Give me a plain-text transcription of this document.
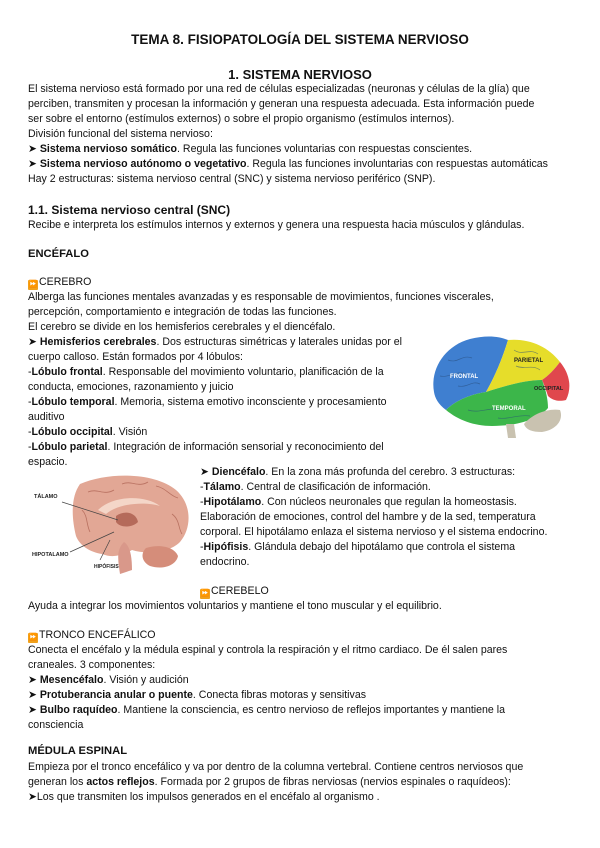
TEMA 8. FISIOPATOLOGÍA DEL SISTEMA NERVIOSO
1. SISTEMA NERVIOSO
El sistema nervioso está formado por una red de células especializadas (neuronas y células de la glía) que
perciben, transmiten y procesan la información y generan una respuesta adecuada. Esta información puede
ser sobre el entorno (estímulos externos) o sobre el propio organismo (estímulos internos).
División funcional del sistema nervioso:
➤ Sistema nervioso somático. Regula las funciones voluntarias con respuestas conscientes.
➤ Sistema nervioso autónomo o vegetativo. Regula las funciones involuntarias con respuestas automáticas
Hay 2 estructuras: sistema nervioso central (SNC) y sistema nervioso periférico (SNP).
1.1. Sistema nervioso central (SNC)
Recibe e interpreta los estímulos internos y externos y genera una respuesta hacia músculos y glándulas.
ENCÉFALO
⏩ CEREBRO
Alberga las funciones mentales avanzadas y es responsable de movimientos, funciones viscerales,
percepción, comportamiento e integración de todas las funciones.
El cerebro se divide en los hemisferios cerebrales y el diencéfalo.
➤ Hemisferios cerebrales. Dos estructuras simétricas y laterales unidas por el
cuerpo calloso. Están formados por 4 lóbulos:
-Lóbulo frontal. Responsable del movimiento voluntario, planificación de la
conducta, emociones, razonamiento y juicio
-Lóbulo temporal. Memoria, sistema emotivo inconsciente y procesamiento
auditivo
-Lóbulo occipital. Visión
-Lóbulo parietal. Integración de información sensorial y reconocimiento del
espacio.
FRONTAL
PARIETAL
OCCIPITAL
TEMPORAL
TÁLAMO
HIPOTALAMO
HIPÓFISIS
➤ Diencéfalo. En la zona más profunda del cerebro. 3 estructuras:
-Tálamo. Central de clasificación de información.
-Hipotálamo. Con núcleos neuronales que regulan la homeostasis.
Elaboración de emociones, control del hambre y de la sed, temperatura
corporal. El hipotálamo enlaza el sistema nervioso y el sistema endocrino.
-Hipófisis. Glándula debajo del hipotálamo que controla el sistema
endocrino.
⏩ CEREBELO
Ayuda a integrar los movimientos voluntarios y mantiene el tono muscular y el equilibrio.
⏩ TRONCO ENCEFÁLICO
Conecta el encéfalo y la médula espinal y controla la respiración y el ritmo cardiaco. De él salen pares
craneales. 3 componentes:
➤ Mesencéfalo. Visión y audición
➤ Protuberancia anular o puente. Conecta fibras motoras y sensitivas
➤ Bulbo raquídeo. Mantiene la consciencia, es centro nervioso de reflejos importantes y mantiene la
consciencia
MÉDULA ESPINAL
Empieza por el tronco encefálico y va por dentro de la columna vertebral. Contiene centros nerviosos que
generan los actos reflejos. Formada por 2 grupos de fibras nerviosas (nervios espinales o raquídeos):
➤Los que transmiten los impulsos generados en el encéfalo al organismo .
